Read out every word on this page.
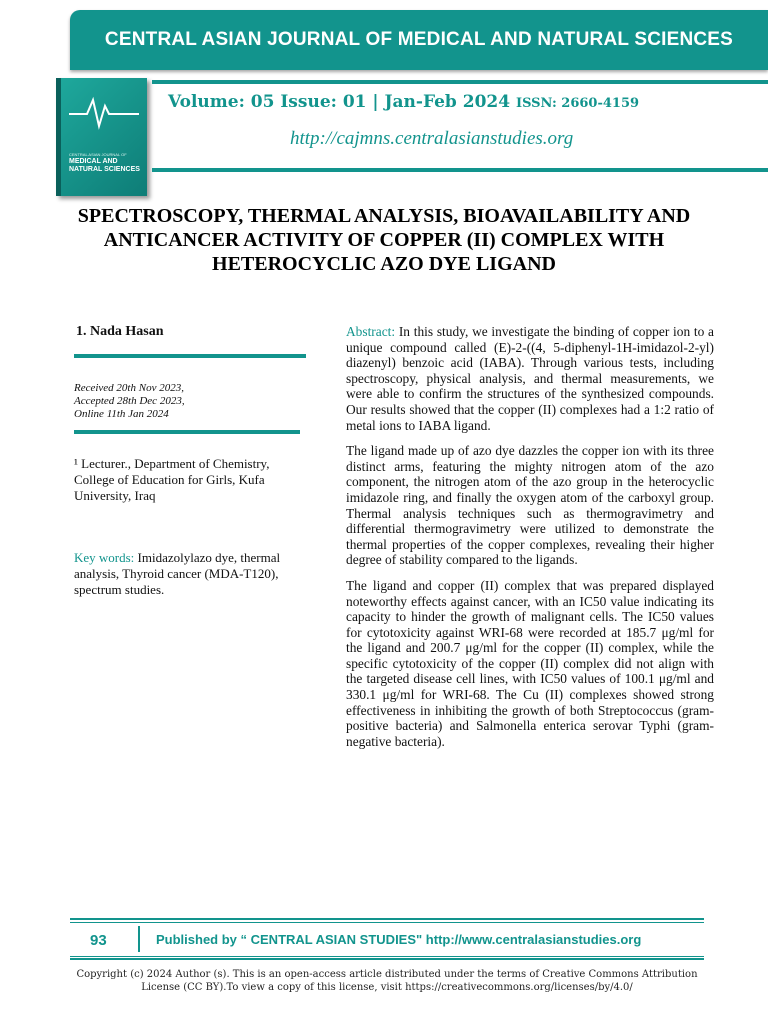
CENTRAL ASIAN JOURNAL OF MEDICAL AND NATURAL SCIENCES
CENTRAL ASIAN JOURNAL OF
MEDICAL AND NATURAL SCIENCES
Volume: 05 Issue: 01 | Jan-Feb 2024 ISSN: 2660-4159
http://cajmns.centralasianstudies.org
SPECTROSCOPY, THERMAL ANALYSIS, BIOAVAILABILITY AND ANTICANCER ACTIVITY OF COPPER (II) COMPLEX WITH HETEROCYCLIC AZO DYE LIGAND
1. Nada Hasan
Received 20th Nov 2023,
Accepted 28th Dec 2023,
Online 11th Jan 2024
¹ Lecturer., Department of Chemistry, College of Education for Girls, Kufa University, Iraq
Key words: Imidazolylazo dye, thermal analysis, Thyroid cancer (MDA-T120), spectrum studies.

Abstract: In this study, we investigate the binding of copper ion to a unique compound called (E)-2-((4, 5-diphenyl-1H-imidazol-2-yl) diazenyl) benzoic acid (IABA). Through various tests, including spectroscopy, physical analysis, and thermal measurements, we were able to confirm the structures of the synthesized compounds. Our results showed that the copper (II) complexes had a 1:2 ratio of metal ions to IABA ligand.

The ligand made up of azo dye dazzles the copper ion with its three distinct arms, featuring the mighty nitrogen atom of the azo component, the nitrogen atom of the azo group in the heterocyclic imidazole ring, and finally the oxygen atom of the carboxyl group. Thermal analysis techniques such as thermogravimetry and differential thermogravimetry were utilized to demonstrate the thermal properties of the copper complexes, revealing their higher degree of stability compared to the ligands.

The ligand and copper (II) complex that was prepared displayed noteworthy effects against cancer, with an IC50 value indicating its capacity to hinder the growth of malignant cells. The IC50 values for cytotoxicity against WRI-68 were recorded at 185.7 μg/ml for the ligand and 200.7 μg/ml for the copper (II) complex, while the specific cytotoxicity of the copper (II) complex did not align with the targeted disease cell lines, with IC50 values of 100.1 μg/ml and 330.1 μg/ml for WRI-68. The Cu (II) complexes showed strong effectiveness in inhibiting the growth of both Streptococcus (gram-positive bacteria) and Salmonella enterica serovar Typhi (gram-negative bacteria).

93	Published by “ CENTRAL ASIAN STUDIES" http://www.centralasianstudies.org
Copyright (c) 2024 Author (s). This is an open-access article distributed under the terms of Creative Commons Attribution License (CC BY).To view a copy of this license, visit https://creativecommons.org/licenses/by/4.0/
